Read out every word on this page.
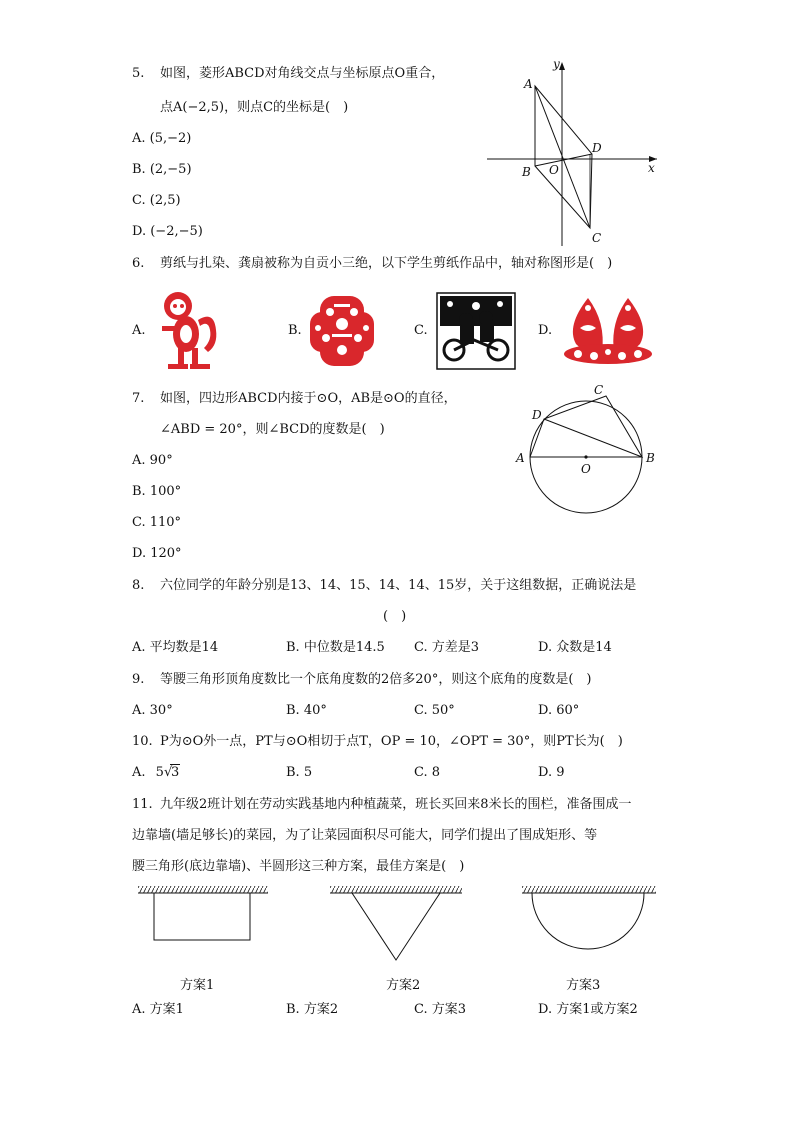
5. 如图，菱形ABCD对角线交点与坐标原点O重合，
点A(−2,5)，则点C的坐标是(　)
A. (5,−2)
B. (2,−5)
C. (2,5)
D. (−2,−5)
y
x
A
B
D
O
C
6. 剪纸与扎染、龚扇被称为自贡小三绝，以下学生剪纸作品中，轴对称图形是(　)
A.	B.	C.	D.
7. 如图，四边形ABCD内接于⊙O，AB是⊙O的直径，
∠ABD = 20°，则∠BCD的度数是(　)
A. 90°
B. 100°
C. 110°
D. 120°
A	B
C
D
O
8. 六位同学的年龄分别是13、14、15、14、14、15岁，关于这组数据，正确说法是
(　)
A. 平均数是14	B. 中位数是14.5 C. 方差是3	D. 众数是14
9. 等腰三角形顶角度数比一个底角度数的2倍多20°，则这个底角的度数是(　)
A. 30°	B. 40°	C. 50°	D. 60°
10. P为⊙O外一点，PT与⊙O相切于点T，OP = 10，∠OPT = 30°，则PT长为(　)
A. 5√3	B. 5	C. 8	D. 9
11. 九年级2班计划在劳动实践基地内种植蔬菜，班长买回来8米长的围栏，准备围成一
边靠墙(墙足够长)的菜园，为了让菜园面积尽可能大，同学们提出了围成矩形、等
腰三角形(底边靠墙)、半圆形这三种方案，最佳方案是(　)
方案1	方案2	方案3
A. 方案1	B. 方案2	C. 方案3	D. 方案1或方案2
